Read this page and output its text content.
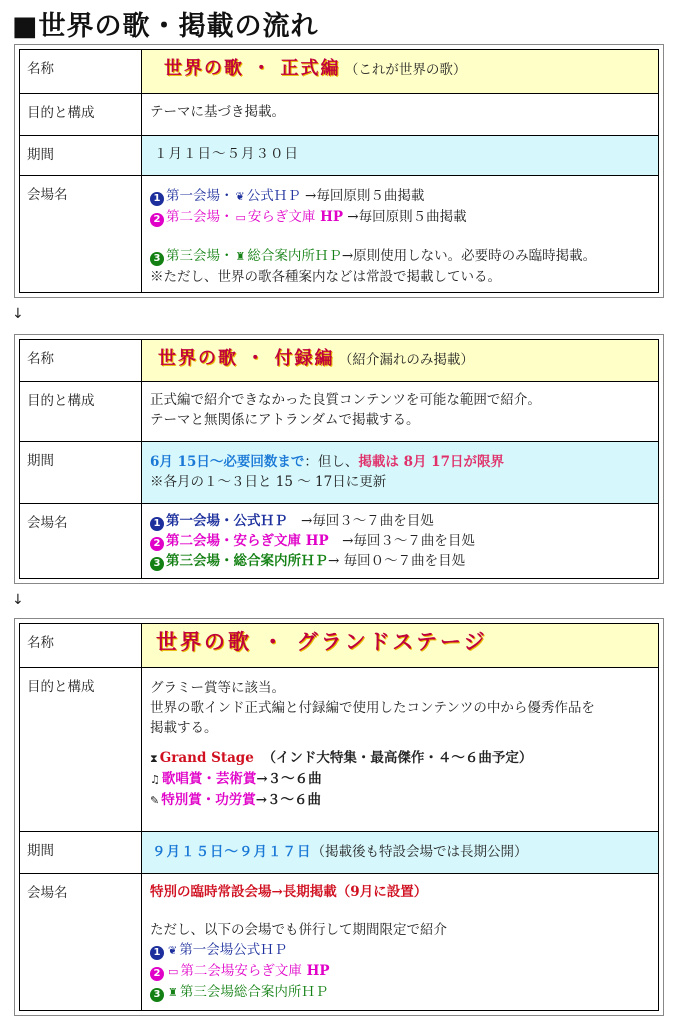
■世界の歌・掲載の流れ
名称	世界の歌 ・ 正式編 （これが世界の歌）
目的と構成	テーマに基づき掲載。
期間	１月１日～５月３０日
会場名	1 第一会場・ ❦ 公式ＨＰ →毎回原則５曲掲載
2 第二会場・ ▭ 安らぎ文庫 HP →毎回原則５曲掲載
3 第三会場・ ♜ 総合案内所ＨＰ→原則使用しない。必要時のみ臨時掲載。
※ただし、世界の歌各種案内などは常設で掲載している。
↓
名称	世界の歌 ・ 付録編 （紹介漏れのみ掲載）
目的と構成	正式編で紹介できなかった良質コンテンツを可能な範囲で紹介。
テーマと無関係にアトランダムで掲載する。
期間	6月 15日～必要回数まで：但し、掲載は 8月 17日が限界
※各月の１～３日と 15 ～ 17日に更新
会場名	1 第一会場・公式ＨＰ　→毎回３～７曲を目処
2 第二会場・安らぎ文庫 HP　→毎回３～７曲を目処
3 第三会場・総合案内所ＨＰ→ 毎回０～７曲を目処
↓
名称	世界の歌 ・ グランドステージ
目的と構成	グラミー賞等に該当。
世界の歌インド正式編と付録編で使用したコンテンツの中から優秀作品を
掲載する。
⧗ Grand Stage （インド大特集・最高傑作・４～６曲予定）
♫ 歌唱賞・芸術賞→３～６曲
✎ 特別賞・功労賞→３～６曲
期間	９月１５日～９月１７日（掲載後も特設会場では長期公開）
会場名	特別の臨時常設会場→長期掲載（9月に設置）
ただし、以下の会場でも併行して期間限定で紹介
1 ❦ 第一会場公式ＨＰ
2 ▭ 第二会場安らぎ文庫 HP
3 ♜ 第三会場総合案内所ＨＰ
